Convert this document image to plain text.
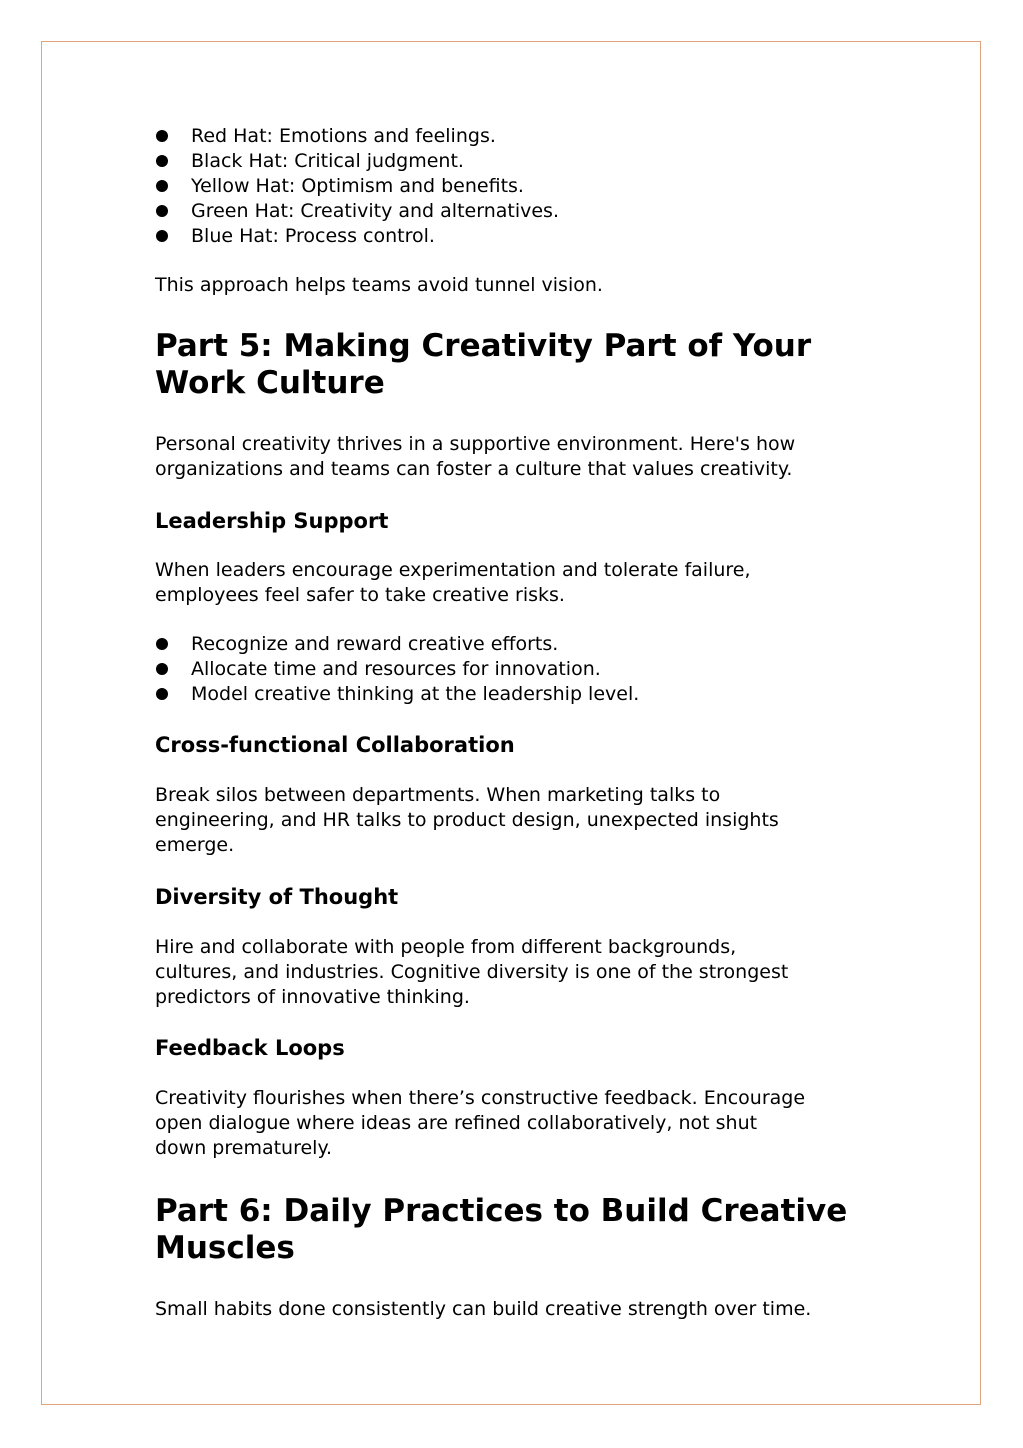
Red Hat: Emotions and feelings.
Black Hat: Critical judgment.
Yellow Hat: Optimism and benefits.
Green Hat: Creativity and alternatives.
Blue Hat: Process control.

This approach helps teams avoid tunnel vision.

Part 5: Making Creativity Part of Your
Work Culture

Personal creativity thrives in a supportive environment. Here's how
organizations and teams can foster a culture that values creativity.

Leadership Support

When leaders encourage experimentation and tolerate failure,
employees feel safer to take creative risks.

Recognize and reward creative efforts.
Allocate time and resources for innovation.
Model creative thinking at the leadership level.
Cross-functional Collaboration

Break silos between departments. When marketing talks to
engineering, and HR talks to product design, unexpected insights
emerge.

Diversity of Thought

Hire and collaborate with people from different backgrounds,
cultures, and industries. Cognitive diversity is one of the strongest
predictors of innovative thinking.

Feedback Loops

Creativity flourishes when there’s constructive feedback. Encourage
open dialogue where ideas are refined collaboratively, not shut
down prematurely.

Part 6: Daily Practices to Build Creative
Muscles

Small habits done consistently can build creative strength over time.
